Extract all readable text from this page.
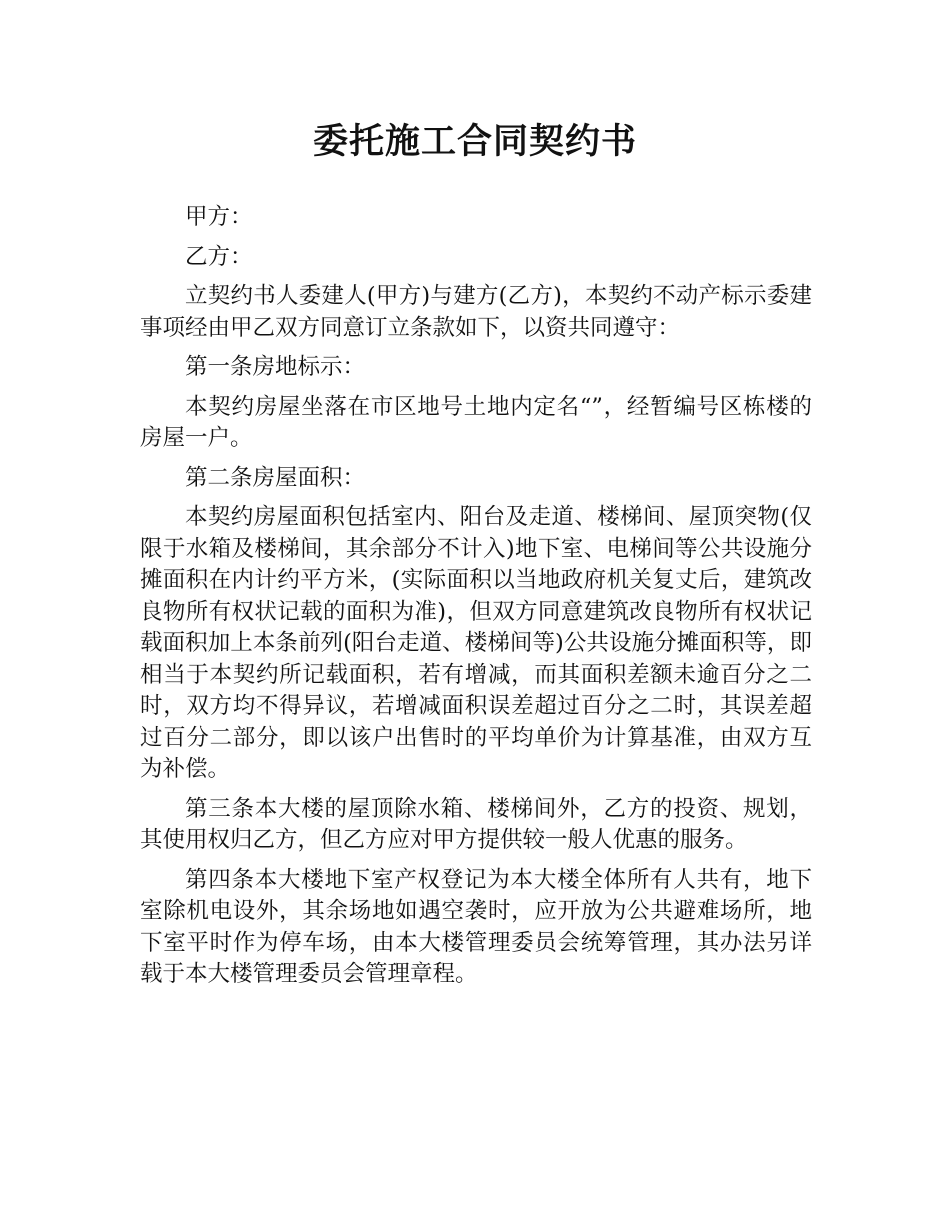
委托施工合同契约书

甲方：

乙方：

立契约书人委建人(甲方)与建方(乙方)，本契约不动产标示委建事项经由甲乙双方同意订立条款如下，以资共同遵守：

第一条房地标示：

本契约房屋坐落在市区地号土地内定名“”，经暂编号区栋楼的房屋一户。

第二条房屋面积：

本契约房屋面积包括室内、阳台及走道、楼梯间、屋顶突物(仅限于水箱及楼梯间，其余部分不计入)地下室、电梯间等公共设施分摊面积在内计约平方米，(实际面积以当地政府机关复丈后，建筑改良物所有权状记载的面积为准)，但双方同意建筑改良物所有权状记载面积加上本条前列(阳台走道、楼梯间等)公共设施分摊面积等，即相当于本契约所记载面积，若有增减，而其面积差额未逾百分之二时，双方均不得异议，若增减面积误差超过百分之二时，其误差超过百分二部分，即以该户出售时的平均单价为计算基准，由双方互为补偿。

第三条本大楼的屋顶除水箱、楼梯间外，乙方的投资、规划，其使用权归乙方，但乙方应对甲方提供较一般人优惠的服务。

第四条本大楼地下室产权登记为本大楼全体所有人共有，地下室除机电设外，其余场地如遇空袭时，应开放为公共避难场所，地下室平时作为停车场，由本大楼管理委员会统筹管理，其办法另详载于本大楼管理委员会管理章程。
